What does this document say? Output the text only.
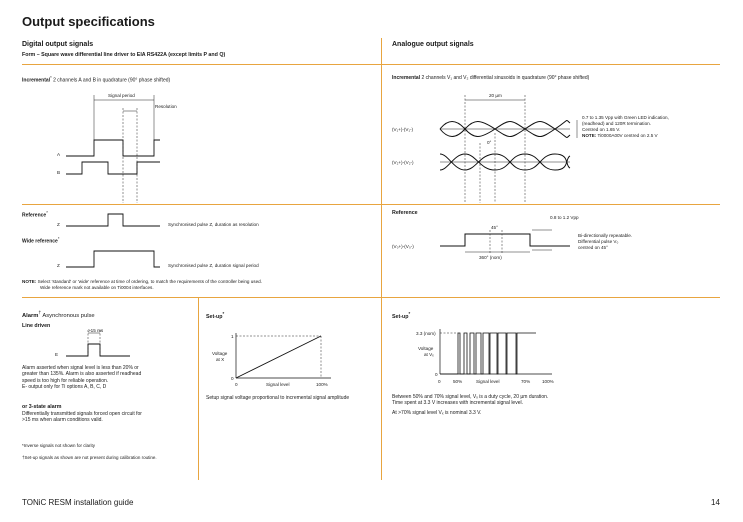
Output specifications
Digital output signals
Form – Square wave differential line driver to EIA RS422A (except limits P and Q)
Incremental* 2 channels A and B in quadrature (90° phase shifted)
Signal period
Resolution
A
B
Reference*
Z	Synchronised pulse Z, duration as resolution
Z	Synchronised pulse Z, duration signal period
Wide reference*
NOTE: Select 'standard' or 'wide' reference at time of ordering, to match the requirements of the controller being used.
Wide reference mark not available on Ti0004 interfaces.
Analogue output signals
Incremental 2 channels V₁ and V₂ differential sinusoids in quadrature (90° phase shifted)
20 µm
0°
(V₁+)-(V₁-)
(V₂+)-(V₂-)
0.7 to 1.35 Vpp with Green LED indication,
(readhead) and 120R termination.
Centred on 1.65 V.
NOTE: Ti0000A00V centred on 2.5 V
Reference
0.8 to 1.2 Vpp
(V₀+)-(V₀-)
45°
360° (nom)
Bi-directionally repeatable.
Differential pulse V₀
centred on 45°
Alarm† Asynchronous pulse
Line driven
>15 ms
E
Alarm asserted when signal level is less than 20% or
greater than 135%. Alarm is also asserted if readhead
speed is too high for reliable operation.
E- output only for Ti options A, B, C, D
or 3-state alarm
Differentially transmitted signals forced open circuit for
>15 ms when alarm conditions valid.
*Inverse signals not shown for clarity
†Set-up signals as shown are not present during calibration routine.
Set-up*
Voltage
at X
1
0
0	Signal level	100%
Setup signal voltage proportional to incremental signal amplitude
Set-up*
3.3 (nom)
Voltage
at Vₓ
0
0	50%	Signal level	70%	100%
Between 50% and 70% signal level, Vₓ is a duty cycle, 20 µm duration.
Time spent at 3.3 V increases with incremental signal level.
At >70% signal level Vₓ is nominal 3.3 V.
TONiC RESM installation guide	14
